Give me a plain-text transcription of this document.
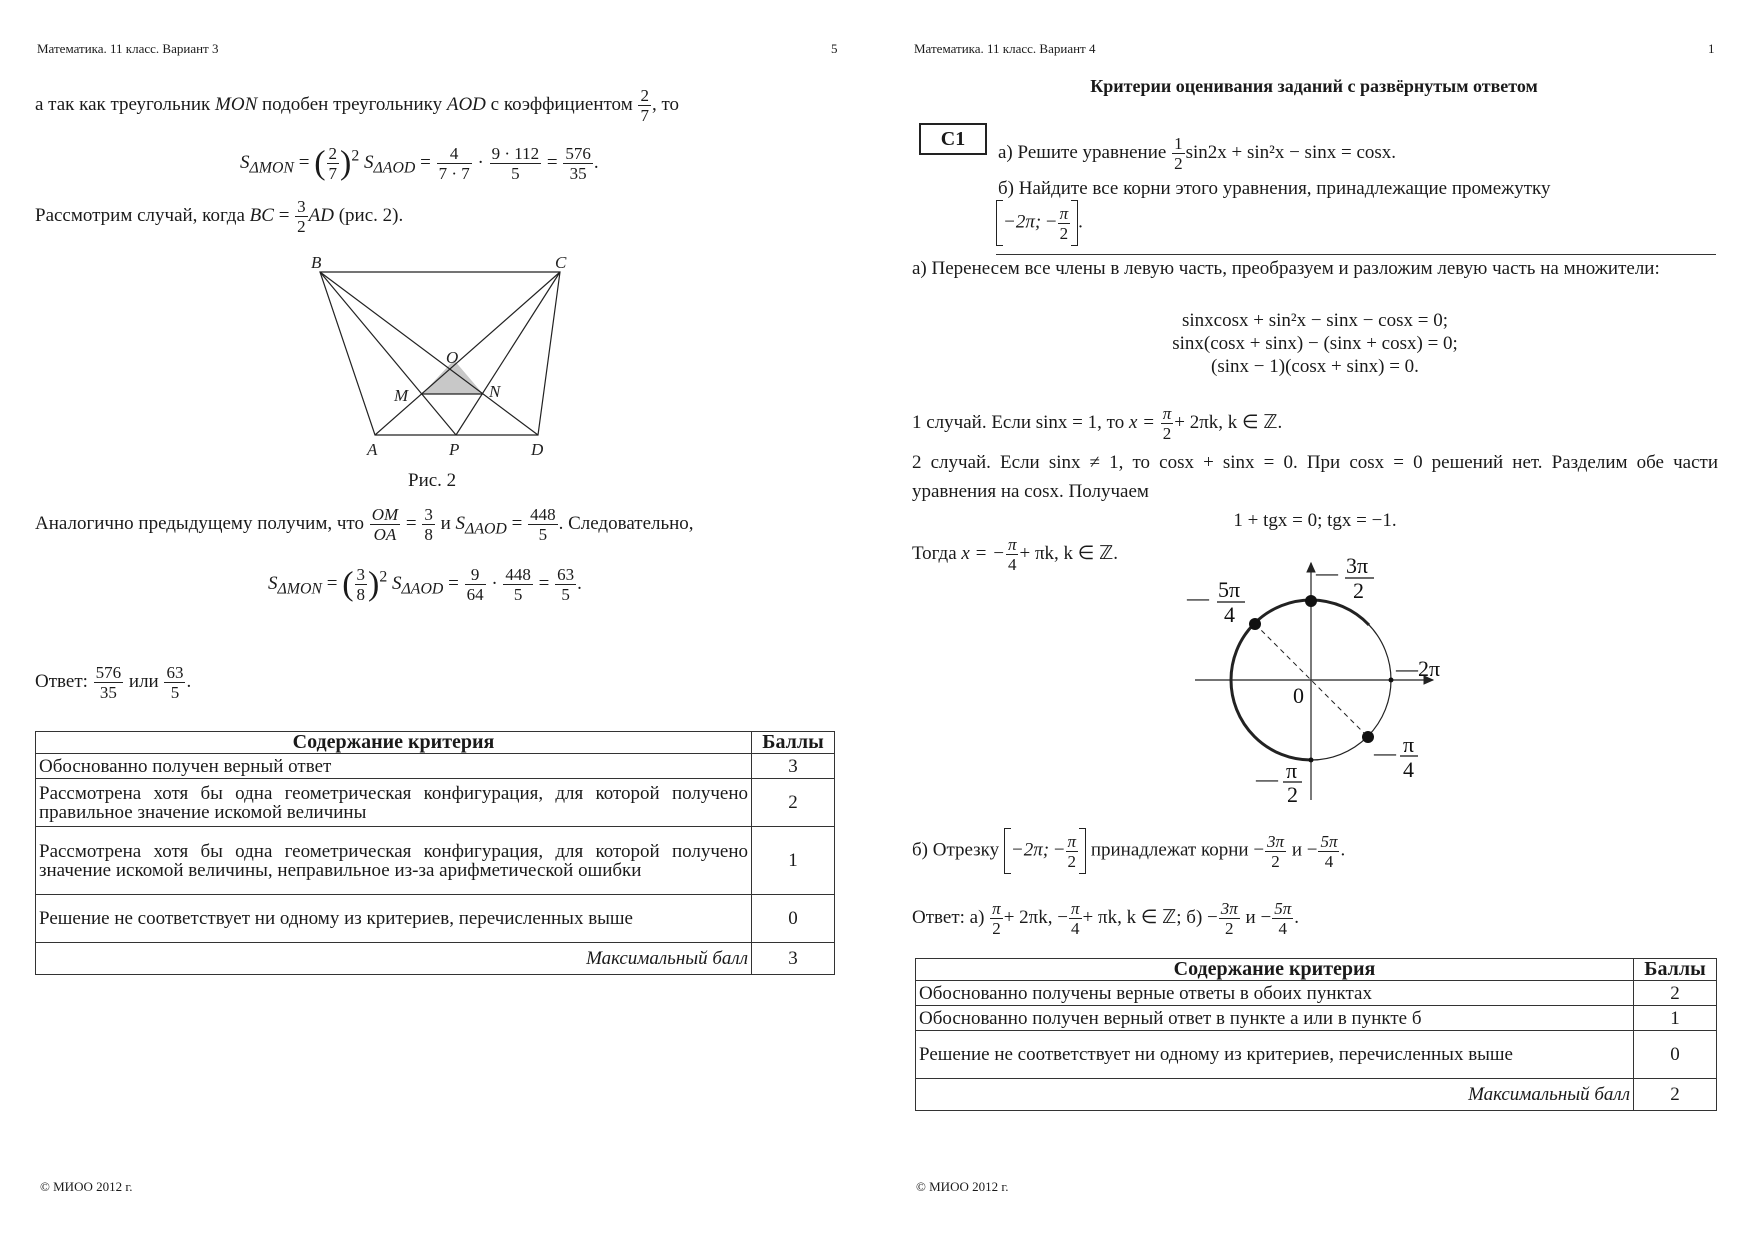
Математика. 11 класс. Вариант 3	5
а так как треугольник MON подобен треугольнику AOD с коэффициентом $\frac{2}{7}$ , то
$S_{\Delta MON}$ = ( $\frac{2}{7} )^2$ $S_{\Delta AOD} = \frac{4}{7 \cdot 7} \cdot \frac{9 \cdot 112}{5} = \frac{576}{35}$ .
Рассмотрим случай, когда BC = $\frac{3}{2}$ AD (рис. 2).
B	C
O
M	N
A	P	D
Рис. 2
Аналогично предыдущему получим, что $\frac{OM}{OA} = \frac{3}{8}$ и $S_{\Delta AOD} = \frac{448}{5}$ . Следовательно,
$S_{\Delta MON}$ = ( $\frac{3}{8} )^2$ $S_{\Delta AOD} = \frac{9}{64} \cdot \frac{448}{5} = \frac{63}{5}$ .
Ответ: $\frac{576}{35}$ или $\frac{63}{5}$ .
Содержание критерия	Баллы
Обоснованно получен верный ответ	3
Рассмотрена хотя бы одна геометрическая конфигурация, для которой получено правильное значение искомой величины	2
Рассмотрена хотя бы одна геометрическая конфигурация, для которой получено значение искомой величины, неправильное из-за арифметической ошибки	1
Решение не соответствует ни одному из критериев, перечисленных выше	0
Максимальный балл	3
© МИОО 2012 г.
Математика. 11 класс. Вариант 4	1
Критерии оценивания заданий с развёрнутым ответом
C1
а) Решите уравнение $\frac{1}{2} \sin 2x + \sin^2x - \sin x = \cos x$.
б) Найдите все корни этого уравнения, принадлежащие промежутку
−2π; − $\frac{\pi}{2}$ .
а) Перенесем все члены в левую часть, преобразуем и разложим левую часть на множители:
sinxcosx + sin²x − sinx − cosx = 0;
sinx(cosx + sinx) − (sinx + cosx) = 0;
(sinx − 1)(cosx + sinx) = 0.
1 случай. Если sinx = 1, то $x = \frac{\pi}{2} + 2\pi k$, k ∈ ℤ.
2 случай. Если sinx ≠ 1, то cosx + sinx = 0. При cosx = 0 решений нет. Разделим обе части уравнения на cosx. Получаем
1 + tgx = 0; tgx = −1.
Тогда x = − $\frac{\pi}{4} + \pi k$, k ∈ ℤ.
— 5π
4
— 3π
2
— 2π
0
— π
4
— π
2
б) Отрезку −2π; − $\frac{\pi}{2}$ принадлежат корни − $\frac{3\pi}{2}$ $и - \frac{5\pi}{4}$ .
Ответ: $а) \frac{\pi}{2} + 2\pi k$, − $\frac{\pi}{4} + \pi k$, k ∈ ℤ; $б) - \frac{3\pi}{2}$ $и - \frac{5\pi}{4}$ .
Содержание критерия	Баллы
Обоснованно получены верные ответы в обоих пунктах	2
Обоснованно получен верный ответ в пункте а или в пункте б	1
Решение не соответствует ни одному из критериев, перечисленных выше	0
Максимальный балл	2
© МИОО 2012 г.
